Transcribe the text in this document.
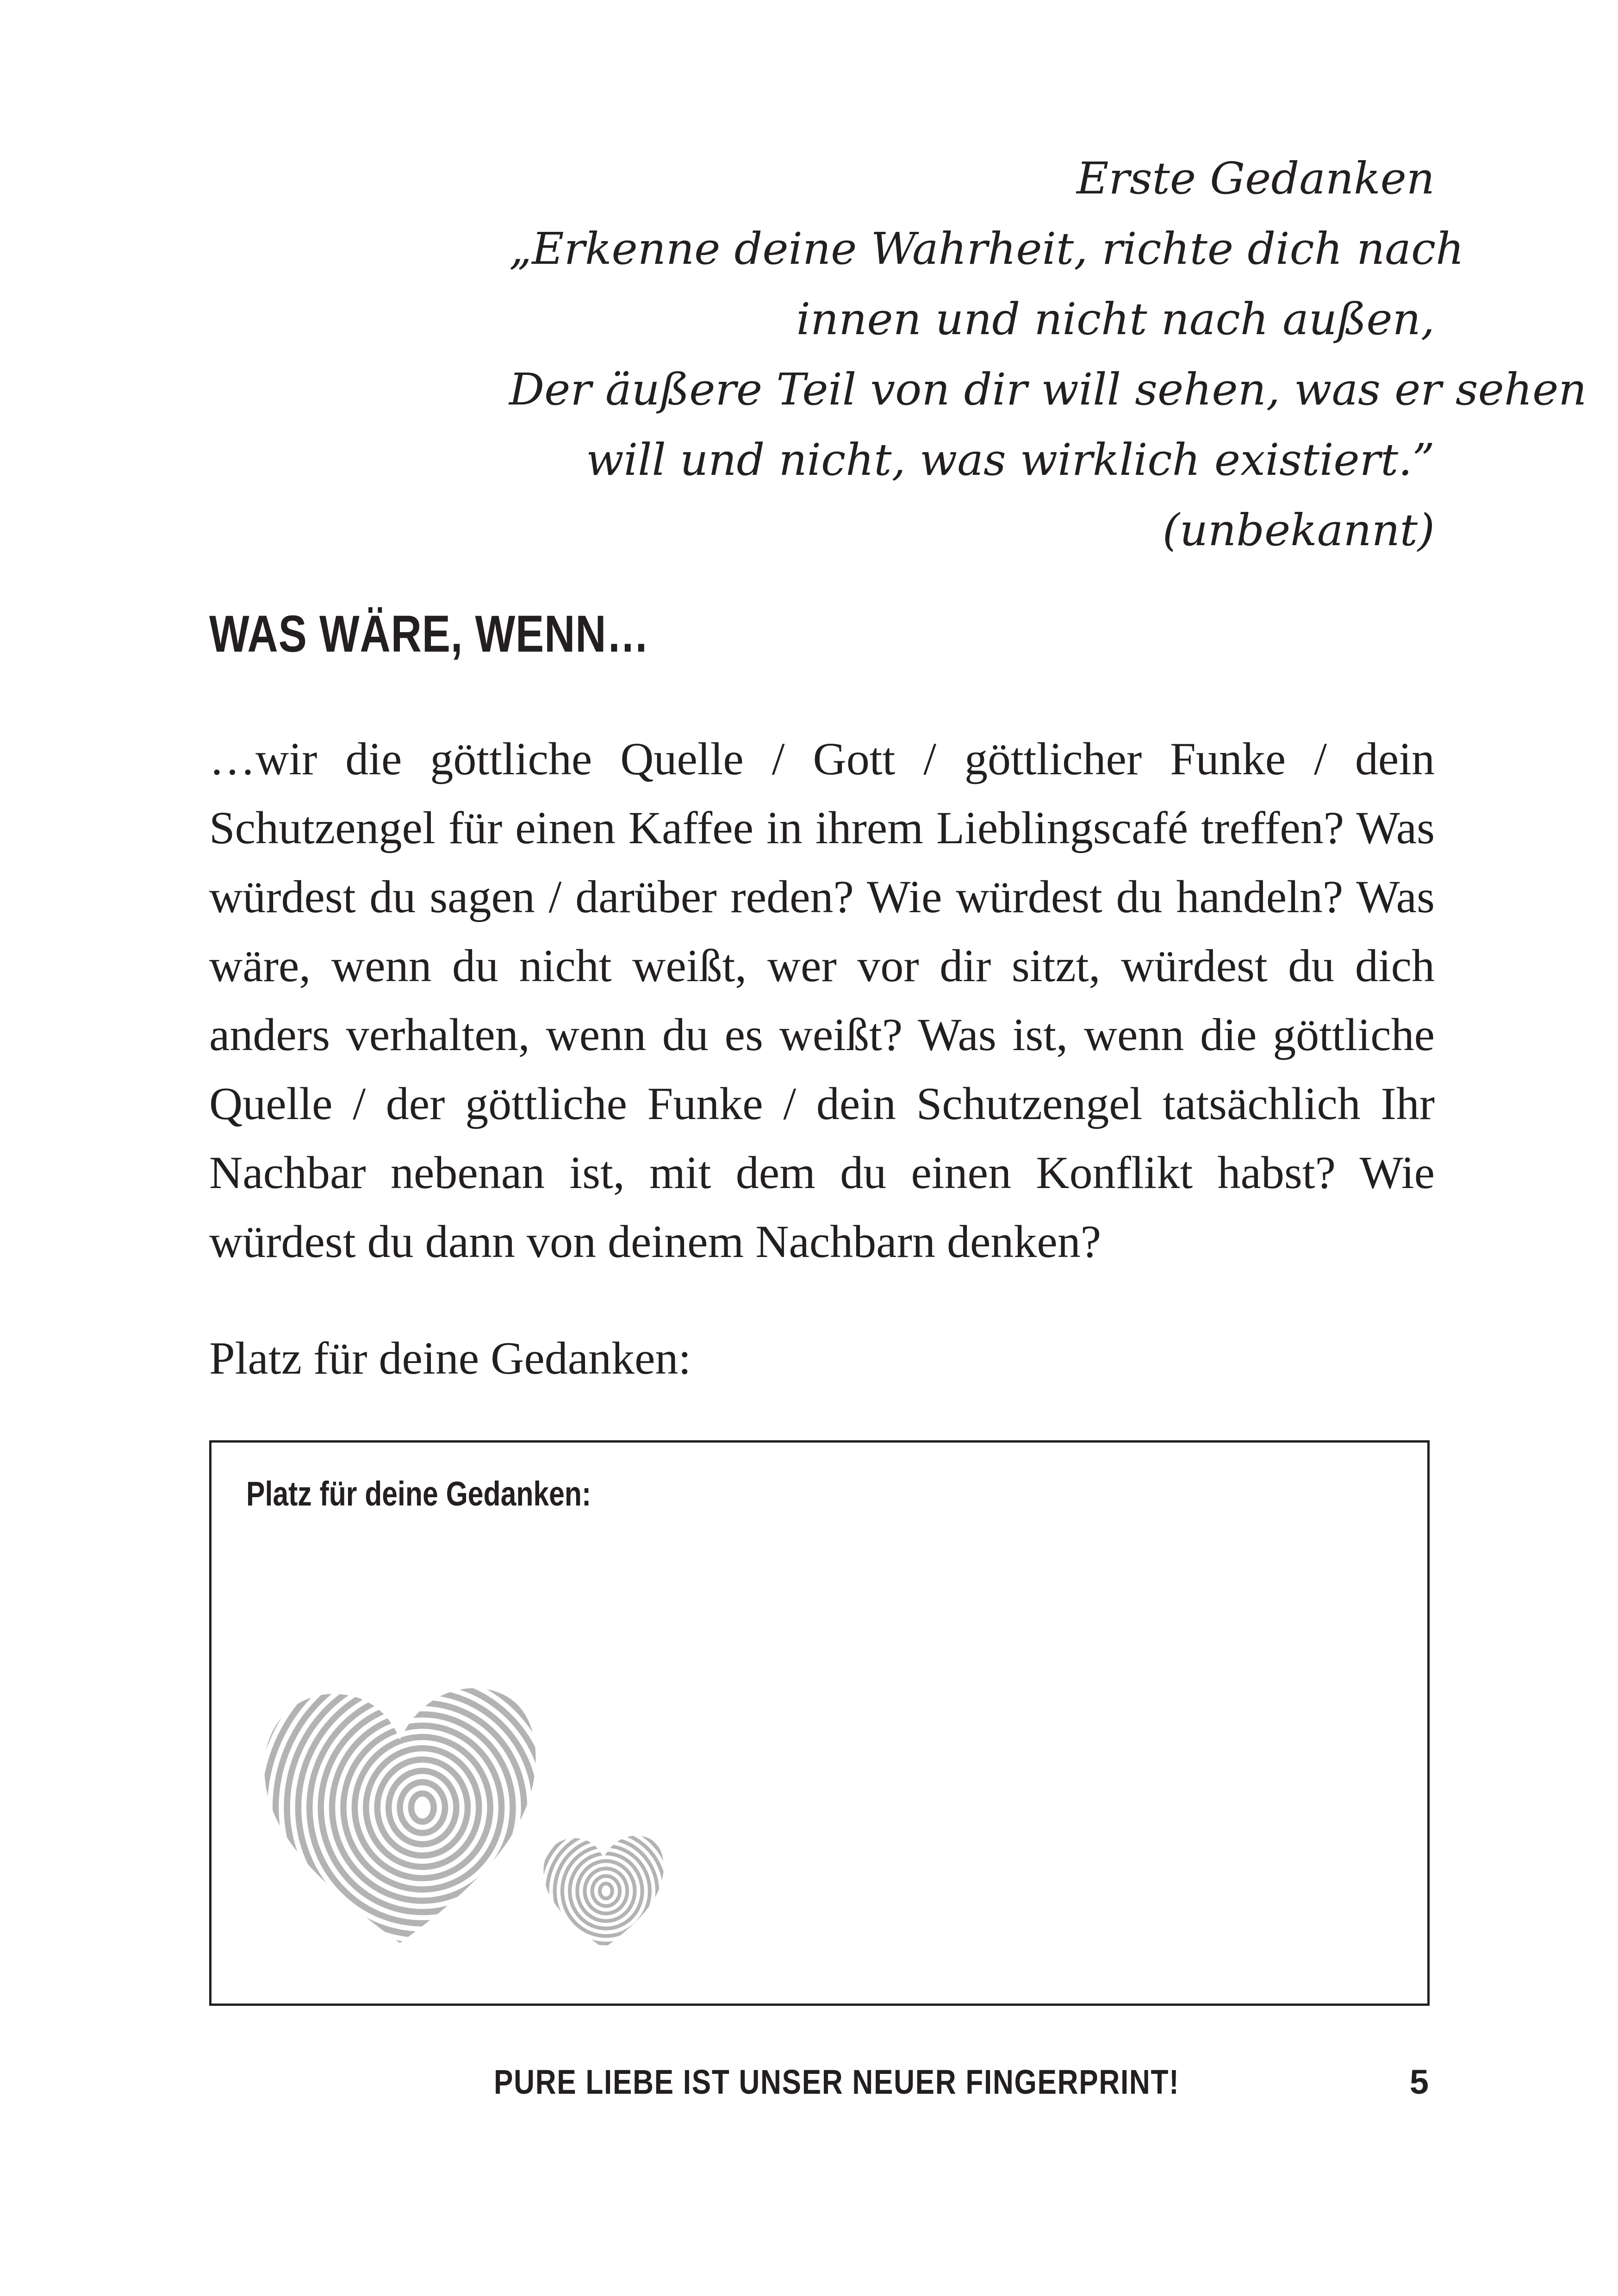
Erste Gedanken
„Erkenne deine Wahrheit, richte dich nach
innen und nicht nach außen,
Der äußere Teil von dir will sehen, was er sehen
will und nicht, was wirklich existiert.”
(unbekannt)
WAS WÄRE, WENN…
…wir die göttliche Quelle / Gott / göttlicher Funke / dein Schutzengel für einen Kaffee in ihrem Lieblingscafé treffen? Was würdest du sagen / darüber reden? Wie würdest du handeln? Was wäre, wenn du nicht weißt, wer vor dir sitzt, würdest du dich anders verhalten, wenn du es weißt? Was ist, wenn die göttliche Quelle / der göttliche Funke / dein Schutzengel tatsächlich Ihr Nachbar nebenan ist, mit dem du einen Konflikt habst? Wie würdest du dann von deinem Nachbarn denken?
Platz für deine Gedanken:
Platz für deine Gedanken:
PURE LIEBE IST UNSER NEUER FINGERPRINT!	5
